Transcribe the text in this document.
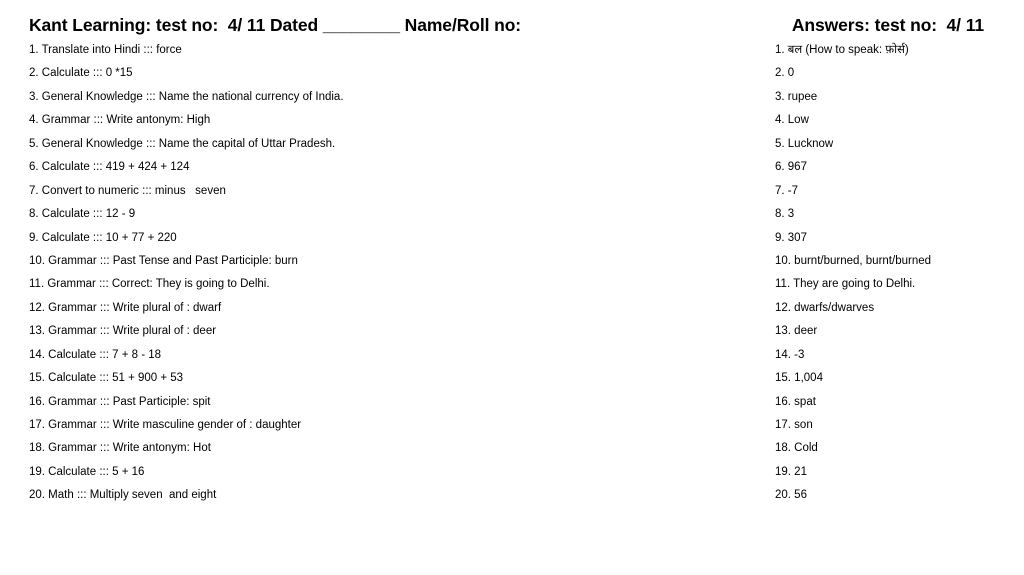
Kant Learning: test no:  4/ 11 Dated ________ Name/Roll no:	Answers: test no:  4/ 11
1. Translate into Hindi ::: force
2. Calculate ::: 0 *15
3. General Knowledge ::: Name the national currency of India.
4. Grammar ::: Write antonym: High
5. General Knowledge ::: Name the capital of Uttar Pradesh.
6. Calculate ::: 419 + 424 + 124
7. Convert to numeric ::: minus   seven
8. Calculate ::: 12 - 9
9. Calculate ::: 10 + 77 + 220
10. Grammar ::: Past Tense and Past Participle: burn
11. Grammar ::: Correct: They is going to Delhi.
12. Grammar ::: Write plural of : dwarf
13. Grammar ::: Write plural of : deer
14. Calculate ::: 7 + 8 - 18
15. Calculate ::: 51 + 900 + 53
16. Grammar ::: Past Participle: spit
17. Grammar ::: Write masculine gender of : daughter
18. Grammar ::: Write antonym: Hot
19. Calculate ::: 5 + 16
20. Math ::: Multiply seven  and eight
1. बल (How to speak: फ़ोर्स)
2. 0
3. rupee
4. Low
5. Lucknow
6. 967
7. -7
8. 3
9. 307
10. burnt/burned, burnt/burned
11. They are going to Delhi.
12. dwarfs/dwarves
13. deer
14. -3
15. 1,004
16. spat
17. son
18. Cold
19. 21
20. 56
